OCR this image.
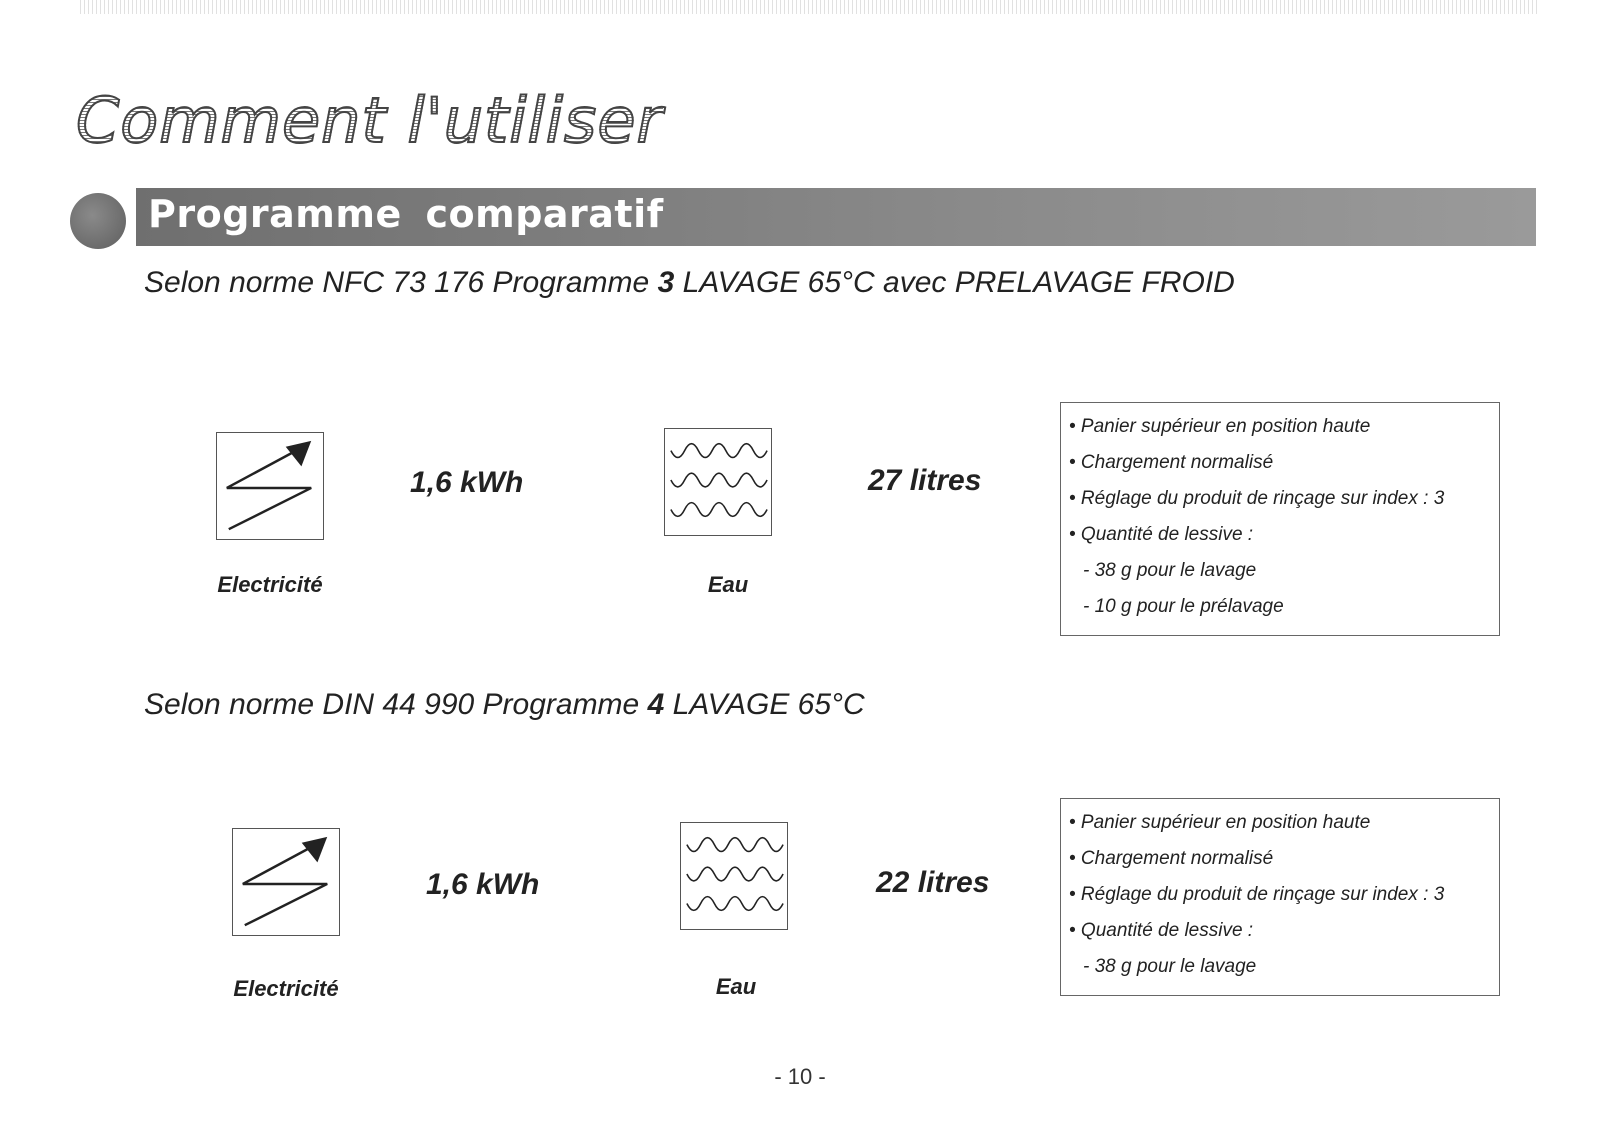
Comment l'utiliser
Programme comparatif
Selon norme NFC 73 176 Programme 3 LAVAGE 65°C avec PRELAVAGE FROID
Electricité
1,6 kWh
Eau
27 litres
• Panier supérieur en position haute
• Chargement normalisé
• Réglage du produit de rinçage sur index : 3
• Quantité de lessive :
- 38 g pour le lavage
- 10 g pour le prélavage
Selon norme DIN 44 990 Programme 4 LAVAGE 65°C
Electricité
1,6 kWh
Eau
22 litres
• Panier supérieur en position haute
• Chargement normalisé
• Réglage du produit de rinçage sur index : 3
• Quantité de lessive :
- 38 g pour le lavage
- 10 -
